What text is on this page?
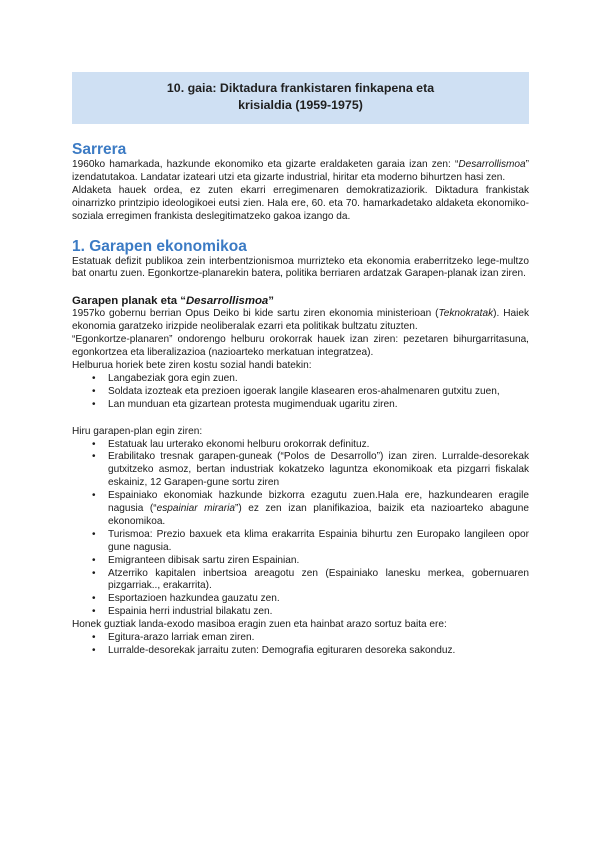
10. gaia: Diktadura frankistaren finkapena eta
krisialdia (1959-1975)
Sarrera

1960ko hamarkada, hazkunde ekonomiko eta gizarte eraldaketen garaia izan zen: “Desarrollismoa” izendatutakoa. Landatar izateari utzi eta gizarte industrial, hiritar eta moderno bihurtzen hasi zen.

Aldaketa hauek ordea, ez zuten ekarri erregimenaren demokratizaziorik. Diktadura frankistak oinarrizko printzipio ideologikoei eutsi zien. Hala ere, 60. eta 70. hamarkadetako aldaketa ekonomiko-soziala erregimen frankista deslegitimatzeko gakoa izango da.

1. Garapen ekonomikoa

Estatuak defizit publikoa zein interbentzionismoa murrizteko eta ekonomia eraberritzeko lege-multzo bat onartu zuen. Egonkortze-planarekin batera, politika berriaren ardatzak Garapen-planak izan ziren.

Garapen planak eta “Desarrollismoa”

1957ko gobernu berrian Opus Deiko bi kide sartu ziren ekonomia ministerioan (Teknokratak). Haiek ekonomia garatzeko irizpide neoliberalak ezarri eta politikak bultzatu zituzten.

“Egonkortze-planaren” ondorengo helburu orokorrak hauek izan ziren: pezetaren bihurgarritasuna, egonkortzea eta liberalizazioa (nazioarteko merkatuan integratzea).

Helburua horiek bete ziren kostu sozial handi batekin:

• Langabeziak gora egin zuen.
• Soldata izozteak eta prezioen igoerak langile klasearen eros-ahalmenaren gutxitu zuen,
• Lan munduan eta gizartean protesta mugimenduak ugaritu ziren.

Hiru garapen-plan egin ziren:

• Estatuak lau urterako ekonomi helburu orokorrak definituz.
• Erabilitako tresnak garapen-guneak (“Polos de Desarrollo”) izan ziren. Lurralde-desorekak gutxitzeko asmoz, bertan industriak kokatzeko laguntza ekonomikoak eta pizgarri fiskalak eskainiz, 12 Garapen-gune sortu ziren
• Espainiako ekonomiak hazkunde bizkorra ezagutu zuen.Hala ere, hazkundearen eragile nagusia (“espainiar miraria”) ez zen izan planifikazioa, baizik eta nazioarteko abagune ekonomikoa.
• Turismoa: Prezio baxuek eta klima erakarrita Espainia bihurtu zen Europako langileen opor gune nagusia.
• Emigranteen dibisak sartu ziren Espainian.
• Atzerriko kapitalen inbertsioa areagotu zen (Espainiako lanesku merkea, gobernuaren pizgarriak.., erakarrita).
• Esportazioen hazkundea gauzatu zen.
• Espainia herri industrial bilakatu zen.

Honek guztiak landa-exodo masiboa eragin zuen eta hainbat arazo sortuz baita ere:

• Egitura-arazo larriak eman ziren.
• Lurralde-desorekak jarraitu zuten: Demografia egituraren desoreka sakonduz.
